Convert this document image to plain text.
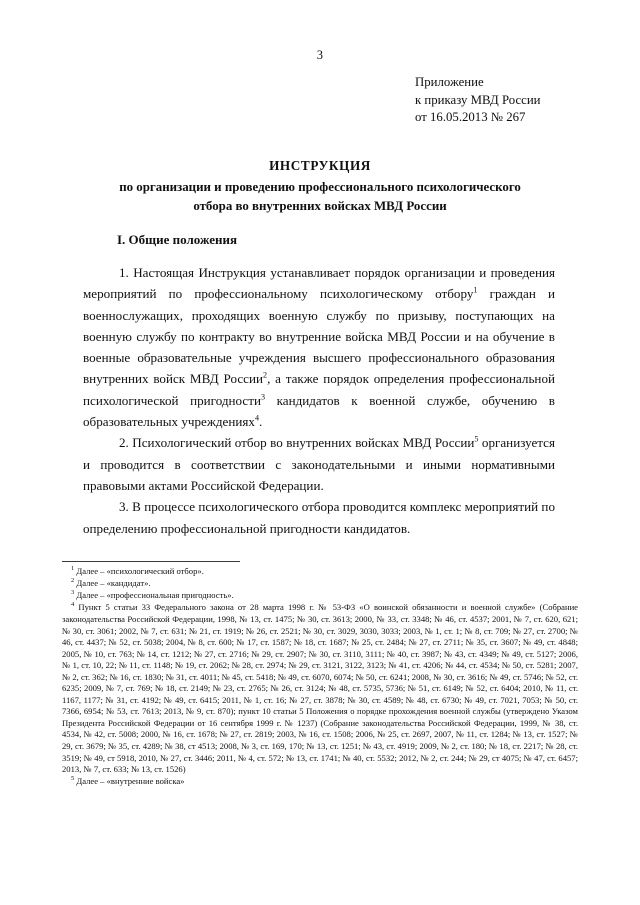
3
Приложение
к приказу МВД России
от 16.05.2013 № 267
ИНСТРУКЦИЯ
по организации и проведению профессионального психологического
отбора во внутренних войсках МВД России
I. Общие положения

1. Настоящая Инструкция устанавливает порядок организации и проведения мероприятий по профессиональному психологическому отбору$^1$ граждан и военнослужащих, проходящих военную службу по призыву, поступающих на военную службу по контракту во внутренние войска МВД России и на обучение в военные образовательные учреждения высшего профессионального образования внутренних войск МВД России$^2$, а также порядок определения профессиональной психологической пригодности$^3$ кандидатов к военной службе, обучению в образовательных учреждениях$^4$.

2. Психологический отбор во внутренних войсках МВД России$^5$ организуется и проводится в соответствии с законодательными и иными нормативными правовыми актами Российской Федерации.

3. В процессе психологического отбора проводится комплекс мероприятий по определению профессиональной пригодности кандидатов.

$^1$ Далее – «психологический отбор».

$^2$ Далее – «кандидат».

$^3$ Далее – «профессиональная пригодность».

$^4$ Пункт 5 статьи 33 Федерального закона от 28 марта 1998 г. № 53-ФЗ «О воинской обязанности и военной службе» (Собрание законодательства Российской Федерации, 1998, № 13, ст. 1475; № 30, ст. 3613; 2000, № 33, ст. 3348; № 46, ст. 4537; 2001, № 7, ст. 620, 621; № 30, ст. 3061; 2002, № 7, ст. 631; № 21, ст. 1919; № 26, ст. 2521; № 30, ст. 3029, 3030, 3033; 2003, № 1, ст. 1; № 8, ст. 709; № 27, ст. 2700; № 46, ст. 4437; № 52, ст. 5038; 2004, № 8, ст. 600; № 17, ст. 1587; № 18, ст. 1687; № 25, ст. 2484; № 27, ст. 2711; № 35, ст. 3607; № 49, ст. 4848; 2005, № 10, ст. 763; № 14, ст. 1212; № 27, ст. 2716; № 29, ст. 2907; № 30, ст. 3110, 3111; № 40, ст. 3987; № 43, ст. 4349; № 49, ст. 5127; 2006, № 1, ст. 10, 22; № 11, ст. 1148; № 19, ст. 2062; № 28, ст. 2974; № 29, ст. 3121, 3122, 3123; № 41, ст. 4206; № 44, ст. 4534; № 50, ст. 5281; 2007, № 2, ст. 362; № 16, ст. 1830; № 31, ст. 4011; № 45, ст. 5418; № 49, ст. 6070, 6074; № 50, ст. 6241; 2008, № 30, ст. 3616; № 49, ст. 5746; № 52, ст. 6235; 2009, № 7, ст. 769; № 18, ст. 2149; № 23, ст. 2765; № 26, ст. 3124; № 48, ст. 5735, 5736; № 51, ст. 6149; № 52, ст. 6404; 2010, № 11, ст. 1167, 1177; № 31, ст. 4192; № 49, ст. 6415; 2011, № 1, ст. 16; № 27, ст. 3878; № 30, ст. 4589; № 48, ст. 6730; № 49, ст. 7021, 7053; № 50, ст. 7366, 6954; № 53, ст. 7613; 2013, № 9, ст. 870); пункт 10 статьи 5 Положения о порядке прохождения военной службы (утверждено Указом Президента Российской Федерации от 16 сентября 1999 г. № 1237) (Собрание законодательства Российской Федерации, 1999, № 38, ст. 4534, № 42, ст. 5008; 2000, № 16, ст. 1678; № 27, ст. 2819; 2003, № 16, ст. 1508; 2006, № 25, ст. 2697, 2007, № 11, ст. 1284; № 13, ст. 1527; № 29, ст. 3679; № 35, ст. 4289; № 38, ст 4513; 2008, № 3, ст. 169, 170; № 13, ст. 1251; № 43, ст. 4919; 2009, № 2, ст. 180; № 18, ст. 2217; № 28, ст. 3519; № 49, ст 5918, 2010, № 27, ст. 3446; 2011, № 4, ст. 572; № 13, ст. 1741; № 40, ст. 5532; 2012, № 2, ст. 244; № 29, ст 4075; № 47, ст. 6457; 2013, № 7, ст. 633; № 13, ст. 1526)

$^5$ Далее – «внутренние войска»
